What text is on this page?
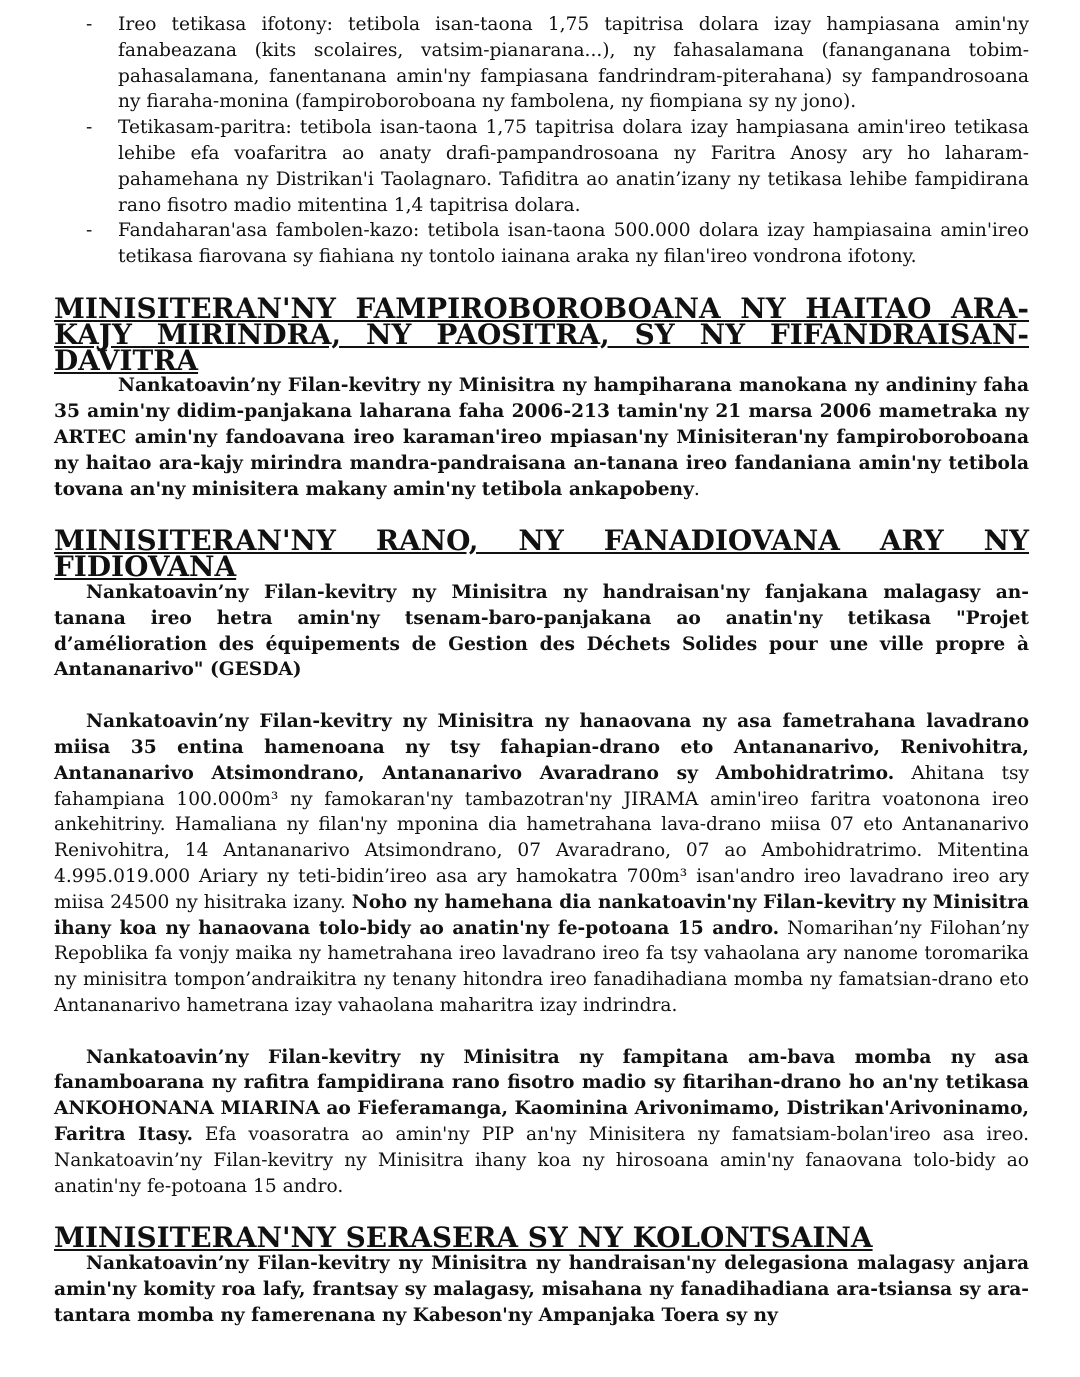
- Ireo tetikasa ifotony: tetibola isan-taona 1,75 tapitrisa dolara izay hampiasana amin'ny fanabeazana (kits scolaires, vatsim-pianarana...), ny fahasalamana (fananganana tobim-pahasalamana, fanentanana amin'ny fampiasana fandrindram-piterahana) sy fampandrosoana ny fiaraha-monina (fampiroboroboana ny fambolena, ny fiompiana sy ny jono).
- Tetikasam-paritra: tetibola isan-taona 1,75 tapitrisa dolara izay hampiasana amin'ireo tetikasa lehibe efa voafaritra ao anaty drafi-pampandrosoana ny Faritra Anosy ary ho laharam-pahamehana ny Distrikan'i Taolagnaro. Tafiditra ao anatin’izany ny tetikasa lehibe fampidirana rano fisotro madio mitentina 1,4 tapitrisa dolara.
- Fandaharan'asa fambolen-kazo: tetibola isan-taona 500.000 dolara izay hampiasaina amin'ireo tetikasa fiarovana sy fiahiana ny tontolo iainana araka ny filan'ireo vondrona ifotony.
MINISITERAN'NY FAMPIROBOROBOANA NY HAITAO ARA-KAJY MIRINDRA, NY PAOSITRA, SY NY FIFANDRAISAN-DAVITRA

Nankatoavin’ny Filan-kevitry ny Minisitra ny hampiharana manokana ny andininy faha 35 amin'ny didim-panjakana laharana faha 2006-213 tamin'ny 21 marsa 2006 mametraka ny ARTEC amin'ny fandoavana ireo karaman'ireo mpiasan'ny Minisiteran'ny fampiroboroboana ny haitao ara-kajy mirindra mandra-pandraisana an-tanana ireo fandaniana amin'ny tetibola tovana an'ny minisitera makany amin'ny tetibola ankapobeny.

MINISITERAN'NY RANO, NY FANADIOVANA ARY NY FIDIOVANA

Nankatoavin’ny Filan-kevitry ny Minisitra ny handraisan'ny fanjakana malagasy an-tanana ireo hetra amin'ny tsenam-baro-panjakana ao anatin'ny tetikasa "Projet d’amélioration des équipements de Gestion des Déchets Solides pour une ville propre à Antananarivo" (GESDA)

Nankatoavin’ny Filan-kevitry ny Minisitra ny hanaovana ny asa fametrahana lavadrano miisa 35 entina hamenoana ny tsy fahapian-drano eto Antananarivo, Renivohitra, Antananarivo Atsimondrano, Antananarivo Avaradrano sy Ambohidratrimo. Ahitana tsy fahampiana 100.000m³ ny famokaran'ny tambazotran'ny JIRAMA amin'ireo faritra voatonona ireo ankehitriny. Hamaliana ny filan'ny mponina dia hametrahana lava-drano miisa 07 eto Antananarivo Renivohitra, 14 Antananarivo Atsimondrano, 07 Avaradrano, 07 ao Ambohidratrimo. Mitentina 4.995.019.000 Ariary ny teti-bidin’ireo asa ary hamokatra 700m³ isan'andro ireo lavadrano ireo ary miisa 24500 ny hisitraka izany. Noho ny hamehana dia nankatoavin'ny Filan-kevitry ny Minisitra ihany koa ny hanaovana tolo-bidy ao anatin'ny fe-potoana 15 andro. Nomarihan’ny Filohan’ny Repoblika fa vonjy maika ny hametrahana ireo lavadrano ireo fa tsy vahaolana ary nanome toromarika ny minisitra tompon’andraikitra ny tenany hitondra ireo fanadihadiana momba ny famatsian-drano eto Antananarivo hametrana izay vahaolana maharitra izay indrindra.

Nankatoavin’ny Filan-kevitry ny Minisitra ny fampitana am-bava momba ny asa fanamboarana ny rafitra fampidirana rano fisotro madio sy fitarihan-drano ho an'ny tetikasa ANKOHONANA MIARINA ao Fieferamanga, Kaominina Arivonimamo, Distrikan'Arivoninamo, Faritra Itasy. Efa voasoratra ao amin'ny PIP an'ny Minisitera ny famatsiam-bolan'ireo asa ireo. Nankatoavin’ny Filan-kevitry ny Minisitra ihany koa ny hirosoana amin'ny fanaovana tolo-bidy ao anatin'ny fe-potoana 15 andro.

MINISITERAN'NY SERASERA SY NY KOLONTSAINA

Nankatoavin’ny Filan-kevitry ny Minisitra ny handraisan'ny delegasiona malagasy anjara amin'ny komity roa lafy, frantsay sy malagasy, misahana ny fanadihadiana ara-tsiansa sy ara-tantara momba ny famerenana ny Kabeson'ny Ampanjaka Toera sy ny
